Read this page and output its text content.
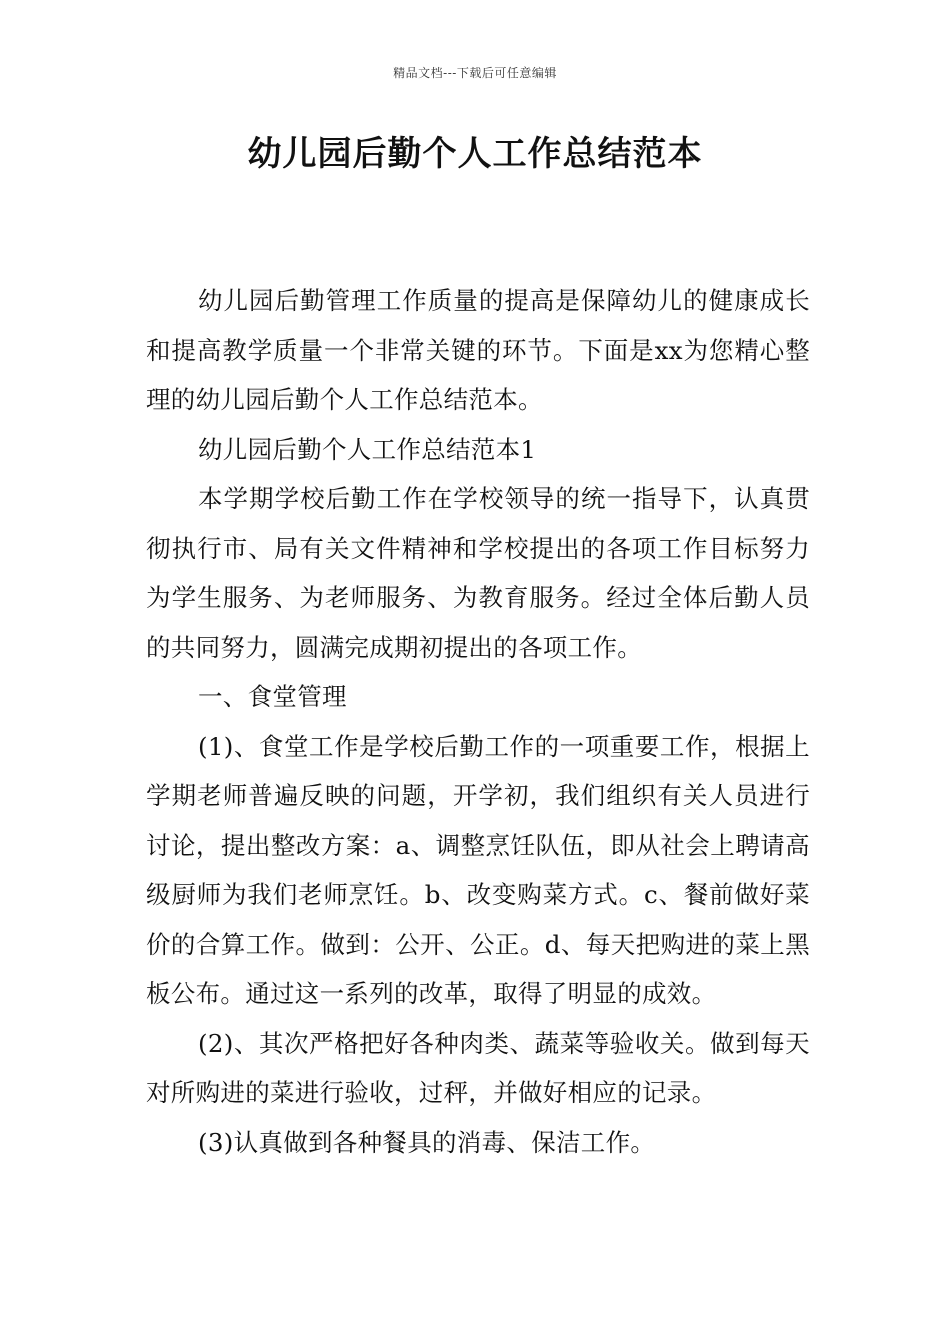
精品文档---下载后可任意编辑
幼儿园后勤个人工作总结范本

幼儿园后勤管理工作质量的提高是保障幼儿的健康成长和提高教学质量一个非常关键的环节。下面是xx为您精心整理的幼儿园后勤个人工作总结范本。

幼儿园后勤个人工作总结范本1

本学期学校后勤工作在学校领导的统一指导下，认真贯彻执行市、局有关文件精神和学校提出的各项工作目标努力为学生服务、为老师服务、为教育服务。经过全体后勤人员的共同努力，圆满完成期初提出的各项工作。

一、食堂管理

(1)、食堂工作是学校后勤工作的一项重要工作，根据上学期老师普遍反映的问题，开学初，我们组织有关人员进行讨论，提出整改方案：a、调整烹饪队伍，即从社会上聘请高级厨师为我们老师烹饪。b、改变购菜方式。c、餐前做好菜价的合算工作。做到：公开、公正。d、每天把购进的菜上黑板公布。通过这一系列的改革，取得了明显的成效。

(2)、其次严格把好各种肉类、蔬菜等验收关。做到每天对所购进的菜进行验收，过秤，并做好相应的记录。

(3)认真做到各种餐具的消毒、保洁工作。
